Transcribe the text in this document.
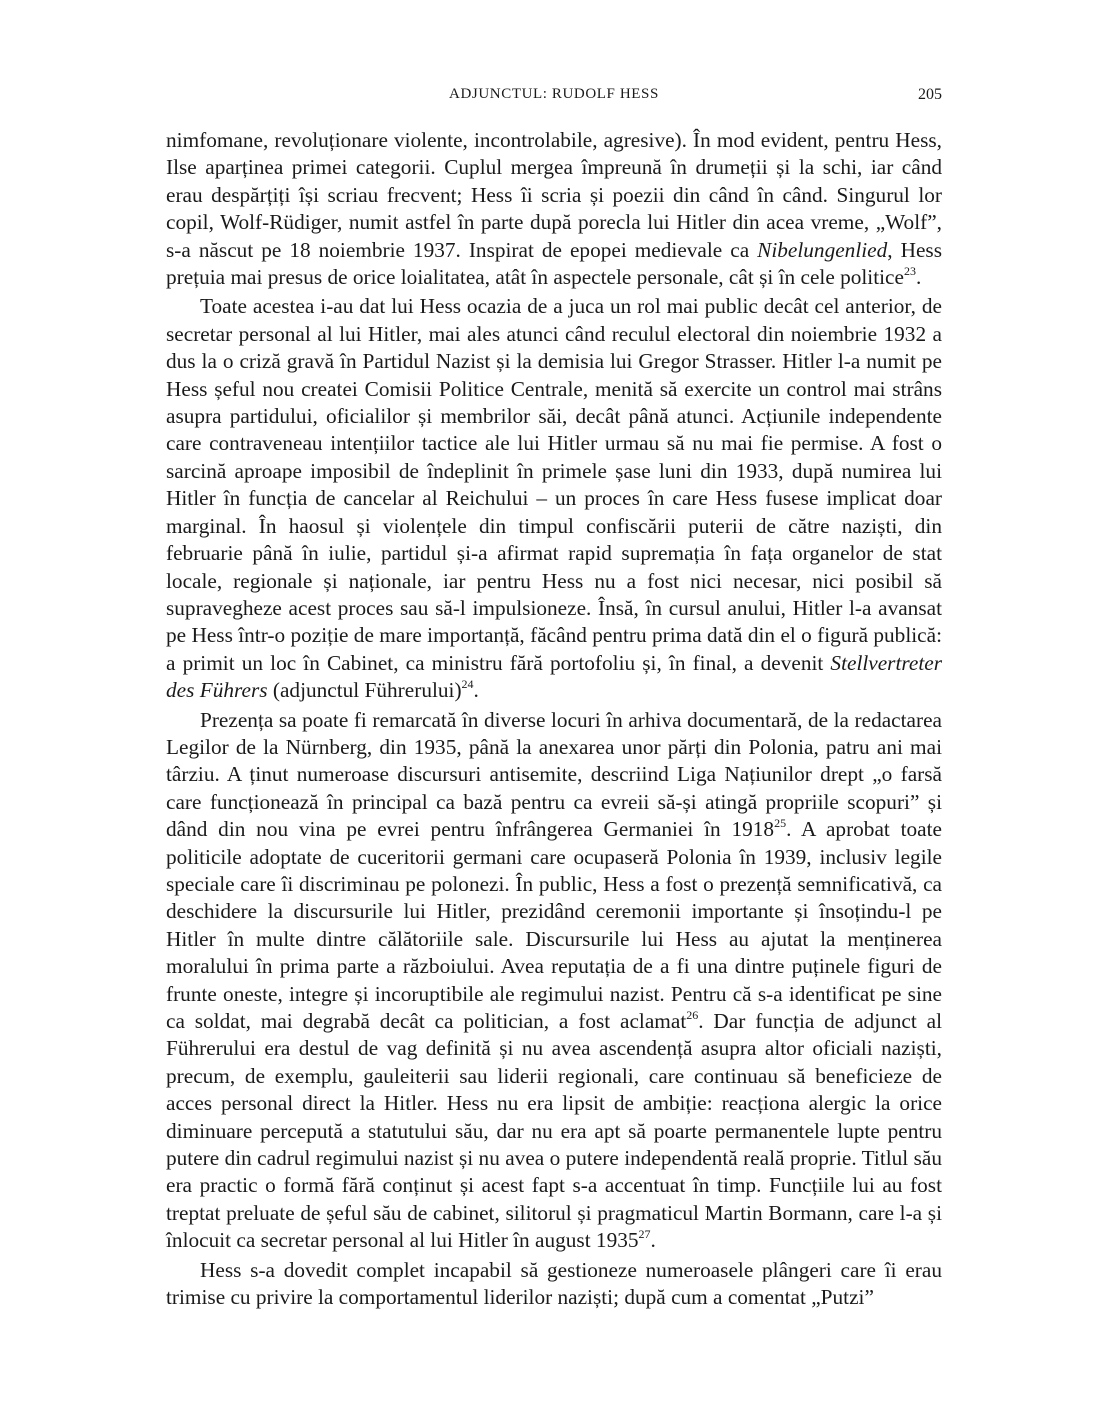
ADJUNCTUL: RUDOLF HESS	205

nimfomane, revoluționare violente, incontrolabile, agresive). În mod evident, pentru Hess, Ilse aparținea primei categorii. Cuplul mergea împreună în drumeții și la schi, iar când erau despărțiți își scriau frecvent; Hess îi scria și poezii din când în când. Singurul lor copil, Wolf-Rüdiger, numit astfel în parte după porecla lui Hitler din acea vreme, „Wolf”, s-a născut pe 18 noiembrie 1937. Inspirat de epopei medievale ca Nibelungenlied, Hess prețuia mai presus de orice loialitatea, atât în aspectele personale, cât și în cele politice$^{23}$.

Toate acestea i-au dat lui Hess ocazia de a juca un rol mai public decât cel anterior, de secretar personal al lui Hitler, mai ales atunci când reculul electoral din noiembrie 1932 a dus la o criză gravă în Partidul Nazist și la demisia lui Gregor Strasser. Hitler l-a numit pe Hess șeful nou createi Comisii Politice Centrale, menită să exercite un control mai strâns asupra partidului, oficialilor și membrilor săi, decât până atunci. Acțiunile independente care contraveneau intențiilor tactice ale lui Hitler urmau să nu mai fie permise. A fost o sarcină aproape imposibil de îndeplinit în primele șase luni din 1933, după numirea lui Hitler în funcția de cancelar al Reichului – un proces în care Hess fusese implicat doar marginal. În haosul și violențele din timpul confiscării puterii de către naziști, din februarie până în iulie, partidul și-a afirmat rapid supremația în fața organelor de stat locale, regionale și naționale, iar pentru Hess nu a fost nici necesar, nici posibil să supravegheze acest proces sau să-l impulsioneze. Însă, în cursul anului, Hitler l-a avansat pe Hess într-o poziție de mare importanță, făcând pentru prima dată din el o figură publică: a primit un loc în Cabinet, ca ministru fără portofoliu și, în final, a devenit Stellvertreter des Führers (adjunctul Führerului)$^{24}$.

Prezența sa poate fi remarcată în diverse locuri în arhiva documentară, de la redactarea Legilor de la Nürnberg, din 1935, până la anexarea unor părți din Polonia, patru ani mai târziu. A ținut numeroase discursuri antisemite, descriind Liga Națiunilor drept „o farsă care funcționează în principal ca bază pentru ca evreii să-și atingă propriile scopuri” și dând din nou vina pe evrei pentru înfrângerea Germaniei în 1918$^{25}$. A aprobat toate politicile adoptate de cuceritorii germani care ocupaseră Polonia în 1939, inclusiv legile speciale care îi discriminau pe polonezi. În public, Hess a fost o prezență semnificativă, ca deschidere la discursurile lui Hitler, prezidând ceremonii importante și însoțindu-l pe Hitler în multe dintre călătoriile sale. Discursurile lui Hess au ajutat la menținerea moralului în prima parte a războiului. Avea reputația de a fi una dintre puținele figuri de frunte oneste, integre și incoruptibile ale regimului nazist. Pentru că s-a identificat pe sine ca soldat, mai degrabă decât ca politician, a fost aclamat$^{26}$. Dar funcția de adjunct al Führerului era destul de vag definită și nu avea ascendență asupra altor oficiali naziști, precum, de exemplu, gauleiterii sau liderii regionali, care continuau să beneficieze de acces personal direct la Hitler. Hess nu era lipsit de ambiție: reacționa alergic la orice diminuare percepută a statutului său, dar nu era apt să poarte permanentele lupte pentru putere din cadrul regimului nazist și nu avea o putere independentă reală proprie. Titlul său era practic o formă fără conținut și acest fapt s-a accentuat în timp. Funcțiile lui au fost treptat preluate de șeful său de cabinet, silitorul și pragmaticul Martin Bormann, care l-a și înlocuit ca secretar personal al lui Hitler în august 1935$^{27}$.

Hess s-a dovedit complet incapabil să gestioneze numeroasele plângeri care îi erau trimise cu privire la comportamentul liderilor naziști; după cum a comentat „Putzi”
